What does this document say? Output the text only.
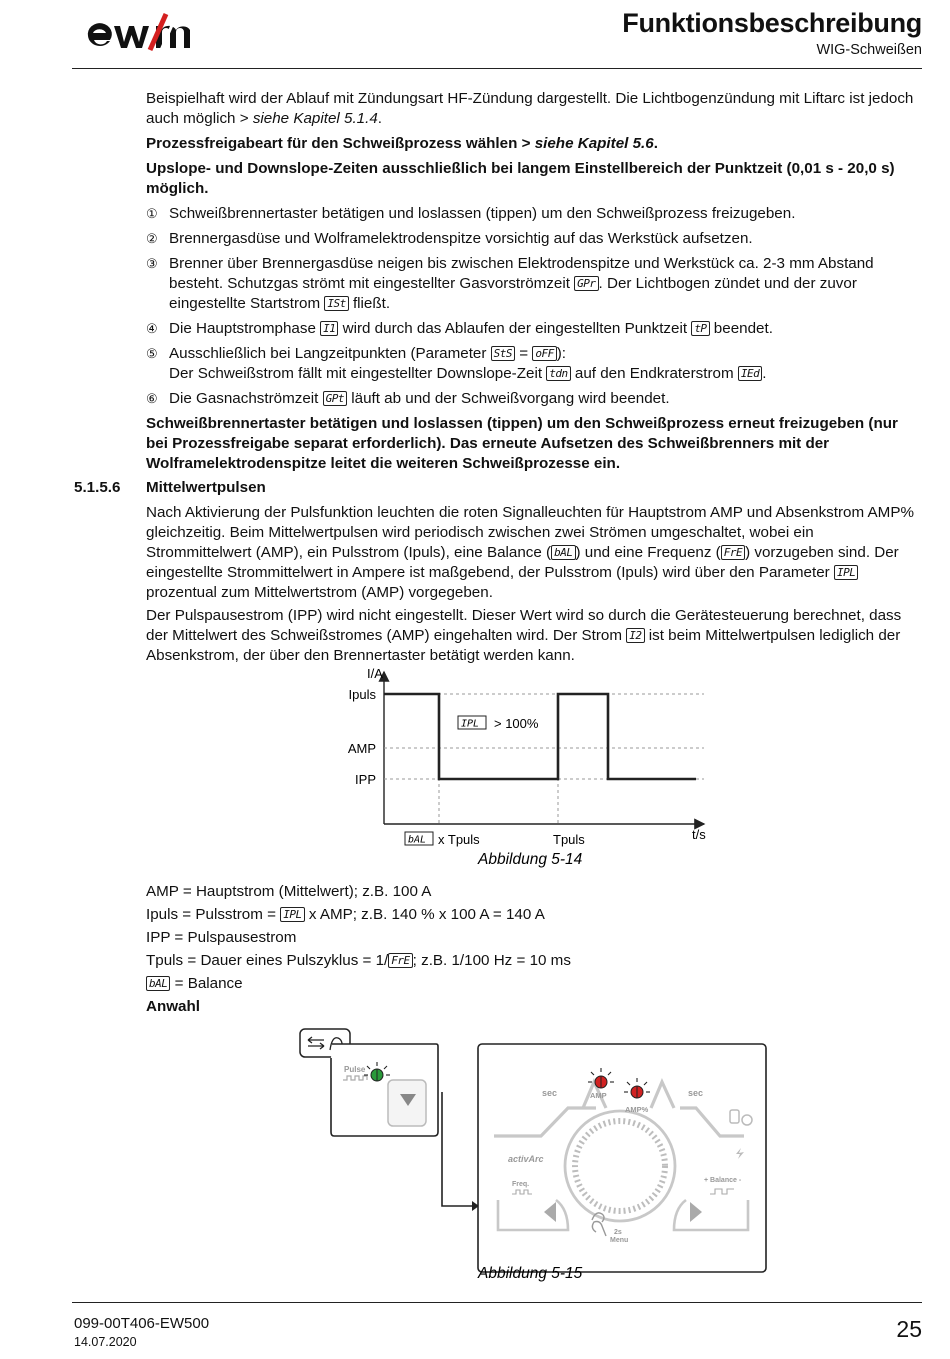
Funktionsbeschreibung
WIG-Schweißen

Beispielhaft wird der Ablauf mit Zündungsart HF-Zündung dargestellt. Die Lichtbogenzündung mit Liftarc ist jedoch auch möglich > siehe Kapitel 5.1.4.

Prozessfreigabeart für den Schweißprozess wählen > siehe Kapitel 5.6.

Upslope- und Downslope-Zeiten ausschließlich bei langem Einstellbereich der Punktzeit (0,01 s - 20,0 s) möglich.

① Schweißbrennertaster betätigen und loslassen (tippen) um den Schweißprozess freizugeben.
② Brennergasdüse und Wolframelektrodenspitze vorsichtig auf das Werkstück aufsetzen.
③ Brenner über Brennergasdüse neigen bis zwischen Elektrodenspitze und Werkstück ca. 2-3 mm Abstand besteht. Schutzgas strömt mit eingestellter Gasvorströmzeit GPr . Der Lichtbogen zündet und der zuvor eingestellte Startstrom ISt fließt.
④ Die Hauptstromphase I1 wird durch das Ablaufen der eingestellten Punktzeit tP beendet.
⑤ Ausschließlich bei Langzeitpunkten (Parameter StS = oFF ):
Der Schweißstrom fällt mit eingestellter Downslope-Zeit tdn auf den Endkraterstrom IEd .
⑥ Die Gasnachströmzeit GPt läuft ab und der Schweißvorgang wird beendet.

Schweißbrennertaster betätigen und loslassen (tippen) um den Schweißprozess erneut freizugeben (nur bei Prozessfreigabe separat erforderlich). Das erneute Aufsetzen des Schweißbrenners mit der Wolframelektrodenspitze leitet die weiteren Schweißprozesse ein.

5.1.5.6 Mittelwertpulsen

Nach Aktivierung der Pulsfunktion leuchten die roten Signalleuchten für Hauptstrom AMP und Absenkstrom AMP% gleichzeitig. Beim Mittelwertpulsen wird periodisch zwischen zwei Strömen umgeschaltet, wobei ein Strommittelwert (AMP), ein Pulsstrom (Ipuls), eine Balance ( bAL ) und eine Frequenz ( FrE ) vorzugeben sind. Der eingestellte Strommittelwert in Ampere ist maßgebend, der Pulsstrom (Ipuls) wird über den Parameter IPL prozentual zum Mittelwertstrom (AMP) vorgegeben.

Der Pulspausestrom (IPP) wird nicht eingestellt. Dieser Wert wird so durch die Gerätesteuerung berechnet, dass der Mittelwert des Schweißstromes (AMP) eingehalten wird. Der Strom I2 ist beim Mittelwertpulsen lediglich der Absenkstrom, der über den Brennertaster betätigt werden kann.

I/A
t/s
Ipuls
AMP
IPP
IPL > 100%
bAL x Tpuls	Tpuls
Abbildung 5-14
AMP = Hauptstrom (Mittelwert); z.B. 100 A
Ipuls = Pulsstrom = IPL x AMP; z.B. 140 % x 100 A = 140 A
IPP = Pulspausestrom
Tpuls = Dauer eines Pulszyklus = 1/ FrE ; z.B. 1/100 Hz = 10 ms
bAL = Balance
Anwahl
Pulse
sec	sec
AMP
AMP%
activArc
Freq.
+ Balance -
2s
Menu
Abbildung 5-15
099-00T406-EW500
14.07.2020	25
